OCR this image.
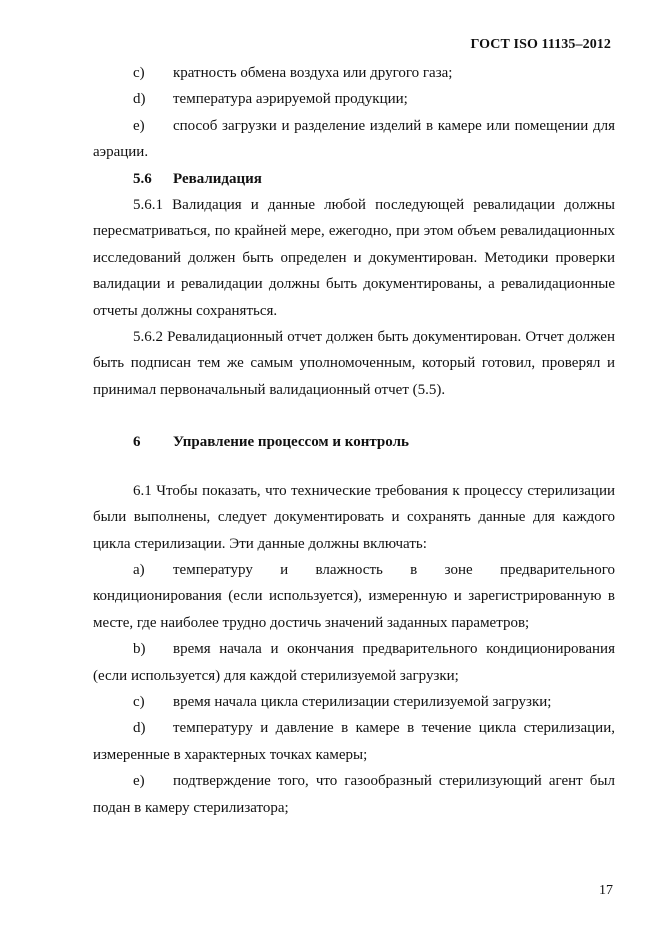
ГОСТ ISO 11135–2012

c) кратность обмена воздуха или другого газа;

d) температура аэрируемой продукции;

e) способ загрузки и разделение изделий в камере или помещении для аэрации.

5.6 Ревалидация

5.6.1 Валидация и данные любой последующей ревалидации должны пересматриваться, по крайней мере, ежегодно, при этом объем ревалидационных исследований должен быть определен и документирован. Методики проверки валидации и ревалидации должны быть документированы, а ревалидационные отчеты должны сохраняться.

5.6.2 Ревалидационный отчет должен быть документирован. Отчет должен быть подписан тем же самым уполномоченным, который готовил, проверял и принимал первоначальный валидационный отчет (5.5).

6 Управление процессом и контроль

6.1 Чтобы показать, что технические требования к процессу стерилизации были выполнены, следует документировать и сохранять данные для каждого цикла стерилизации. Эти данные должны включать:

a) температуру и влажность в зоне предварительного кондиционирования (если используется), измеренную и зарегистрированную в месте, где наиболее трудно достичь значений заданных параметров;

b) время начала и окончания предварительного кондиционирования (если используется) для каждой стерилизуемой загрузки;

c) время начала цикла стерилизации стерилизуемой загрузки;

d) температуру и давление в камере в течение цикла стерилизации, измеренные в характерных точках камеры;

e) подтверждение того, что газообразный стерилизующий агент был подан в камеру стерилизатора;

17
